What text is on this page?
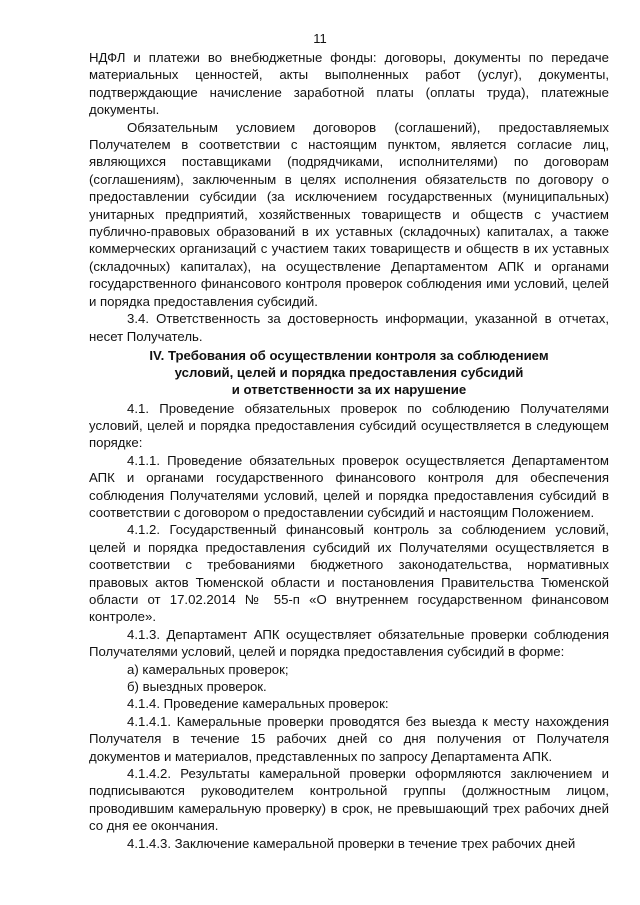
11

НДФЛ и платежи во внебюджетные фонды: договоры, документы по передаче материальных ценностей, акты выполненных работ (услуг), документы, подтверждающие начисление заработной платы (оплаты труда), платежные документы.

Обязательным условием договоров (соглашений), предоставляемых Получателем в соответствии с настоящим пунктом, является согласие лиц, являющихся поставщиками (подрядчиками, исполнителями) по договорам (соглашениям), заключенным в целях исполнения обязательств по договору о предоставлении субсидии (за исключением государственных (муниципальных) унитарных предприятий, хозяйственных товариществ и обществ с участием публично-правовых образований в их уставных (складочных) капиталах, а также коммерческих организаций с участием таких товариществ и обществ в их уставных (складочных) капиталах), на осуществление Департаментом АПК и органами государственного финансового контроля проверок соблюдения ими условий, целей и порядка предоставления субсидий.

3.4. Ответственность за достоверность информации, указанной в отчетах, несет Получатель.

IV. Требования об осуществлении контроля за соблюдением
условий, целей и порядка предоставления субсидий
и ответственности за их нарушение

4.1. Проведение обязательных проверок по соблюдению Получателями условий, целей и порядка предоставления субсидий осуществляется в следующем порядке:

4.1.1. Проведение обязательных проверок осуществляется Департаментом АПК и органами государственного финансового контроля для обеспечения соблюдения Получателями условий, целей и порядка предоставления субсидий в соответствии с договором о предоставлении субсидий и настоящим Положением.

4.1.2. Государственный финансовый контроль за соблюдением условий, целей и порядка предоставления субсидий их Получателями осуществляется в соответствии с требованиями бюджетного законодательства, нормативных правовых актов Тюменской области и постановления Правительства Тюменской области от 17.02.2014 № 55-п «О внутреннем государственном финансовом контроле».

4.1.3. Департамент АПК осуществляет обязательные проверки соблюдения Получателями условий, целей и порядка предоставления субсидий в форме:

а) камеральных проверок;

б) выездных проверок.

4.1.4. Проведение камеральных проверок:

4.1.4.1. Камеральные проверки проводятся без выезда к месту нахождения Получателя в течение 15 рабочих дней со дня получения от Получателя документов и материалов, представленных по запросу Департамента АПК.

4.1.4.2. Результаты камеральной проверки оформляются заключением и подписываются руководителем контрольной группы (должностным лицом, проводившим камеральную проверку) в срок, не превышающий трех рабочих дней со дня ее окончания.

4.1.4.3. Заключение камеральной проверки в течение трех рабочих дней
